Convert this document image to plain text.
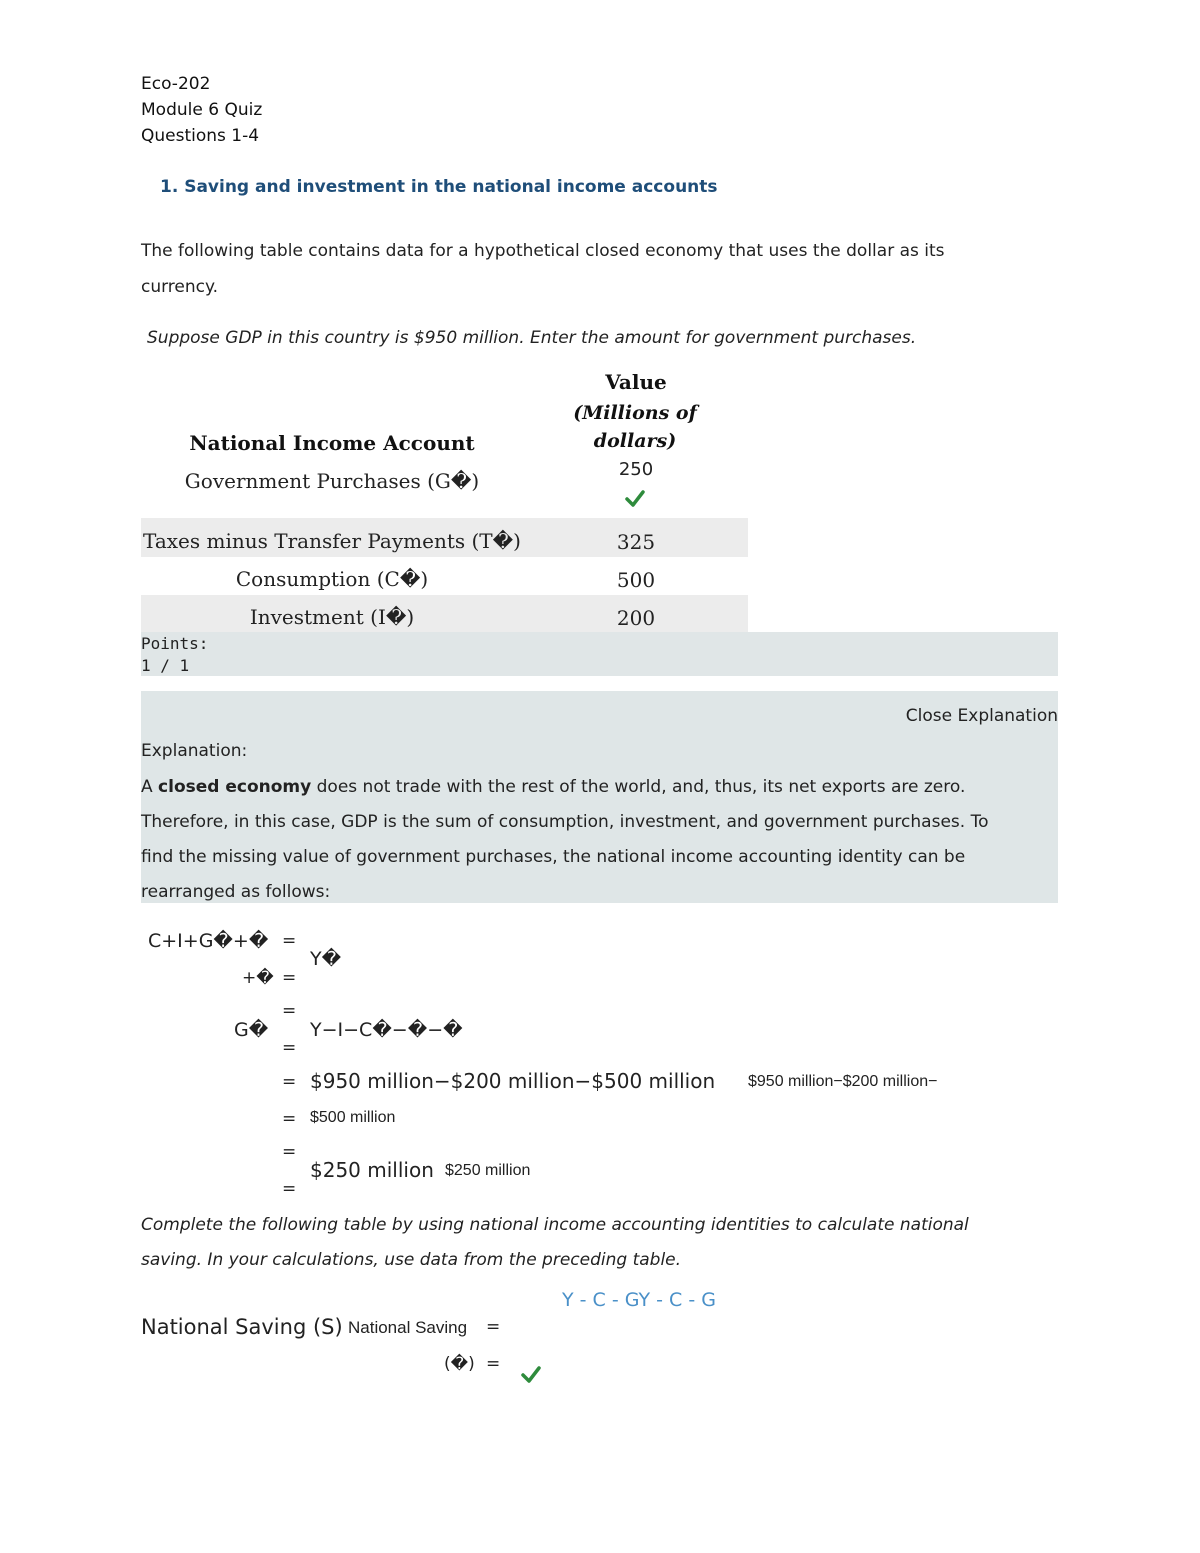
Eco-202
Module 6 Quiz
Questions 1-4
1. Saving and investment in the national income accounts
The following table contains data for a hypothetical closed economy that uses the dollar as its
currency.
Suppose GDP in this country is $950 million. Enter the amount for government purchases.
Value
(Millions of
dollars)
National Income Account
Government Purchases (G�)	250
Taxes minus Transfer Payments (T�)	325
Consumption (C�)	500
Investment (I�)	200
Points:
1 / 1
Close Explanation
Explanation:
A closed economy does not trade with the rest of the world, and, thus, its net exports are zero.
Therefore, in this case, GDP is the sum of consumption, investment, and government purchases. To
find the missing value of government purchases, the national income accounting identity can be
rearranged as follows:
C+I+G�+� =
Y�
+� =
=
G� Y−I−C�−�−�
=
= $950 million−$200 million−$500 million $950 million−$200 million−
= $500 million
=
$250 million $250 million
=
Complete the following table by using national income accounting identities to calculate national
saving. In your calculations, use data from the preceding table.
Y - C - GY - C - G
National Saving (S) National Saving =
(�) =
